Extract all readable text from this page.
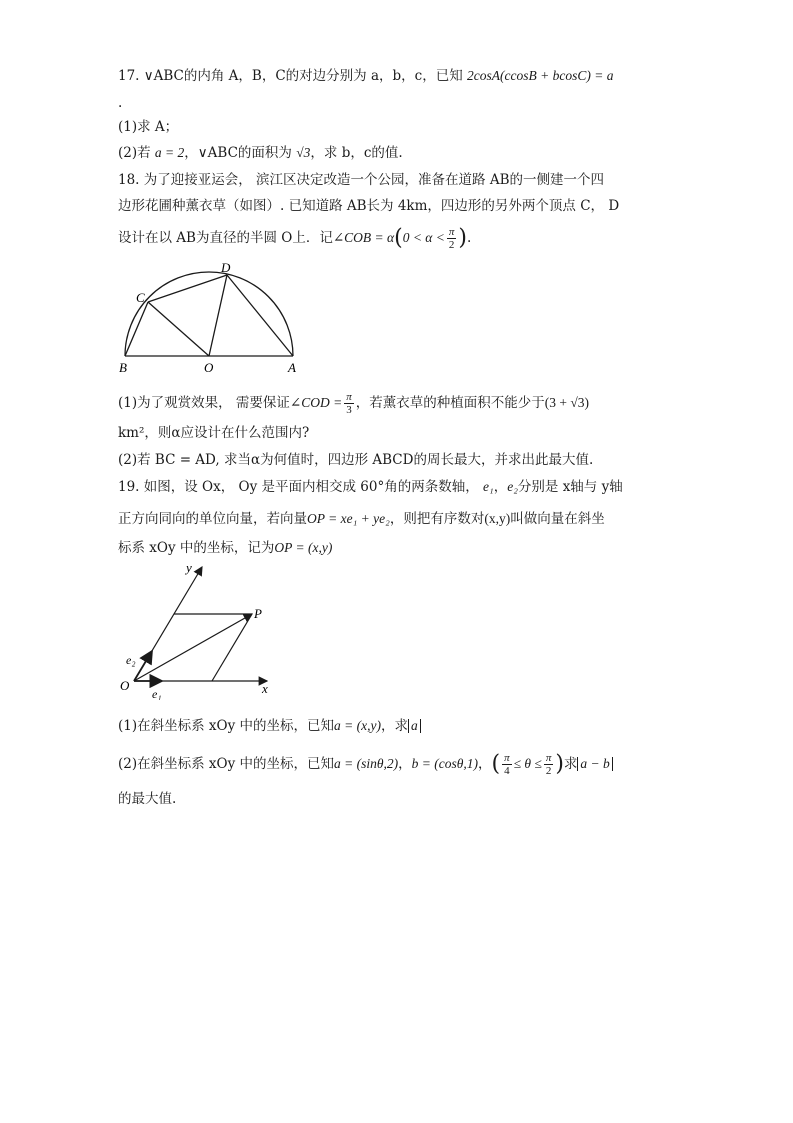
17. ∨ABC的内角 A，B，C的对边分别为 a，b，c，已知 2cosA(ccosB + bcosC) = a
.
(1)求 A；
(2)若 a = 2，∨ABC的面积为 √3，求 b，c的值.
18. 为了迎接亚运会， 滨江区决定改造一个公园，准备在道路 AB的一侧建一个四
边形花圃种薰衣草（如图）. 已知道路 AB长为 4km，四边形的另外两个顶点 C， D
设计在以 AB为直径的半圆 O上．记∠COB = $\alpha(0 < \alpha < \frac{\pi}{2}$ ).
D
C
B	O	A
(1)为了观赏效果， 需要保证∠COD = $\frac{\pi}{3}$ ，若薰衣草的种植面积不能少于(3 + √3)
km²，则α应设计在什么范围内?
(2)若 BC = AD, 求当α为何值时，四边形 ABCD的周长最大，并求出此最大值.
19. 如图，设 Ox， Oy 是平面内相交成 60°角的两条数轴， e₁，e₂分别是 x轴与 y轴
正方向同向的单位向量，若向量OP = xe₁ + ye₂，则把有序数对(x,y)叫做向量在斜坐
标系 xOy 中的坐标，记为OP = (x,y)
y
P
e₂
O
e₁	x
(1)在斜坐标系 xOy 中的坐标，已知a = (x,y)，求 a
(2)在斜坐标系 xOy 中的坐标，已知a = (sinθ,2)，b = (cosθ,1)，( $\frac{\pi}{4} \le \theta \le \frac{\pi}{2}$ )求 a − b
的最大值.
